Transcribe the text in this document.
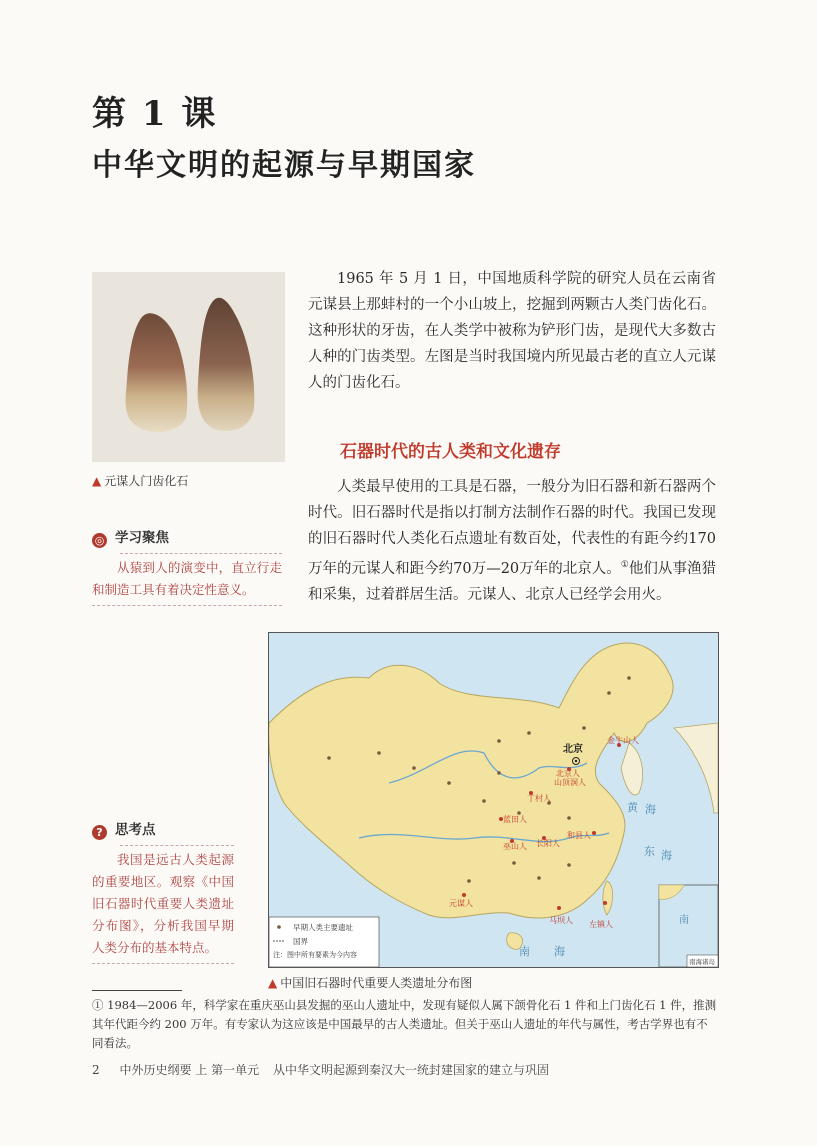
第 1 课
中华文明的起源与早期国家
▲ 元谋人门齿化石
1965 年 5 月 1 日，中国地质科学院的研究人员在云南省元谋县上那蚌村的一个小山坡上，挖掘到两颗古人类门齿化石。这种形状的牙齿，在人类学中被称为铲形门齿，是现代大多数古人种的门齿类型。左图是当时我国境内所见最古老的直立人元谋人的门齿化石。
石器时代的古人类和文化遗存
人类最早使用的工具是石器，一般分为旧石器和新石器两个时代。旧石器时代是指以打制方法制作石器的时代。我国已发现的旧石器时代人类化石点遗址有数百处，代表性的有距今约170万年的元谋人和距今约70万—20万年的北京人。①他们从事渔猎和采集，过着群居生活。元谋人、北京人已经学会用火。
◎ 学习聚焦
从猿到人的演变中，直立行走和制造工具有着决定性意义。
? 思考点
我国是远古人类起源的重要地区。观察《中国旧石器时代重要人类遗址分布图》，分析我国早期人类分布的基本特点。
北京
金牛山人
北京人
山顶洞人
丁村人
蓝田人
巫山人 长阳人
和县人
元谋人
马坝人 左镇人
黄 海
东 海
南 海
早期人类主要遗址
国界
注：图中所有要素为今内容
南
南海诸岛
▲ 中国旧石器时代重要人类遗址分布图
① 1984—2006 年，科学家在重庆巫山县发掘的巫山人遗址中，发现有疑似人属下颌骨化石 1 件和上门齿化石 1 件，推测其年代距今约 200 万年。有专家认为这应该是中国最早的古人类遗址。但关于巫山人遗址的年代与属性，考古学界也有不同看法。
2 中外历史纲要 上 第一单元 从中华文明起源到秦汉大一统封建国家的建立与巩固
